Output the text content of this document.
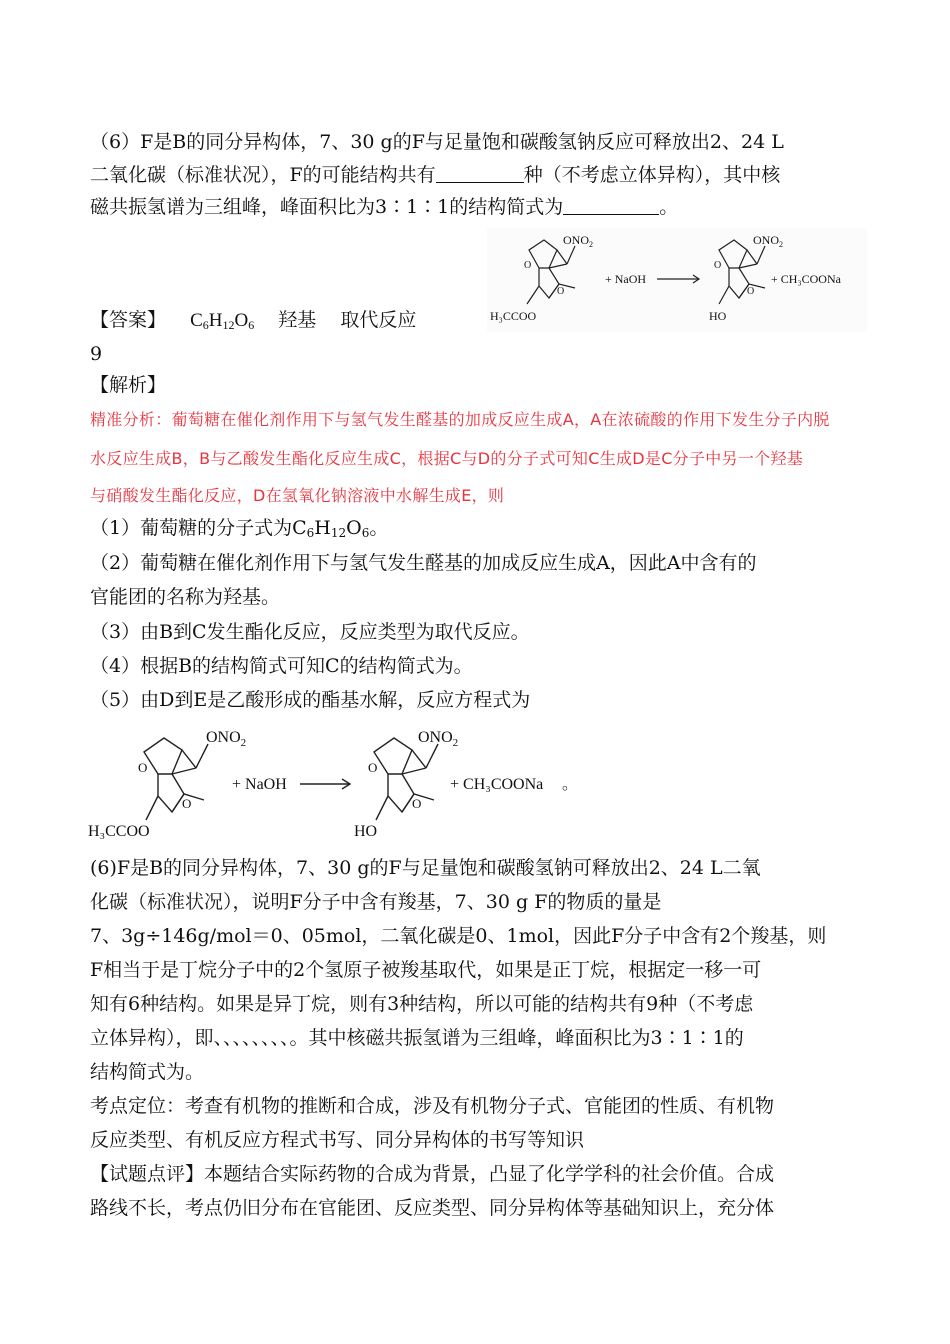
（6）F是B的同分异构体，7、30 g的F与足量饱和碳酸氢钠反应可释放出2、24 L
二氧化碳（标准状况），F的可能结构共有	种（不考虑立体异构），其中核
磁共振氢谱为三组峰，峰面积比为3∶1∶1的结构简式为	。
$ONO_2$
H₃CCOO
+ NaOH
$ONO_2$
HO
+ CH₃COONa
O
O
O
O
【答案】 $C_6H_{12}O_6$ 羟基 取代反应
9
【解析】
精准分析：葡萄糖在催化剂作用下与氢气发生醛基的加成反应生成A，A在浓硫酸的作用下发生分子内脱
水反应生成B，B与乙酸发生酯化反应生成C，根据C与D的分子式可知C生成D是C分子中另一个羟基
与硝酸发生酯化反应，D在氢氧化钠溶液中水解生成E，则
（1）葡萄糖的分子式为$C_6H_{12}O_6$。
（2）葡萄糖在催化剂作用下与氢气发生醛基的加成反应生成A，因此A中含有的
官能团的名称为羟基。
（3）由B到C发生酯化反应，反应类型为取代反应。
（4）根据B的结构简式可知C的结构简式为。
（5）由D到E是乙酸形成的酯基水解，反应方程式为
$ONO_2$
H₃CCOO
+ NaOH
$ONO_2$
HO
+ CH₃COONa 。
O
O
O
O
(6)F是B的同分异构体，7、30 g的F与足量饱和碳酸氢钠可释放出2、24 L二氧
化碳（标准状况），说明F分子中含有羧基，7、30 g F的物质的量是
7、3g÷146g/mol＝0、05mol，二氧化碳是0、1mol，因此F分子中含有2个羧基，则
F相当于是丁烷分子中的2个氢原子被羧基取代，如果是正丁烷，根据定一移一可
知有6种结构。如果是异丁烷，则有3种结构，所以可能的结构共有9种（不考虑
立体异构），即、、、、、、、、。其中核磁共振氢谱为三组峰，峰面积比为3∶1∶1的
结构简式为。
考点定位：考查有机物的推断和合成，涉及有机物分子式、官能团的性质、有机物
反应类型、有机反应方程式书写、同分异构体的书写等知识
【试题点评】本题结合实际药物的合成为背景，凸显了化学学科的社会价值。合成
路线不长，考点仍旧分布在官能团、反应类型、同分异构体等基础知识上，充分体
